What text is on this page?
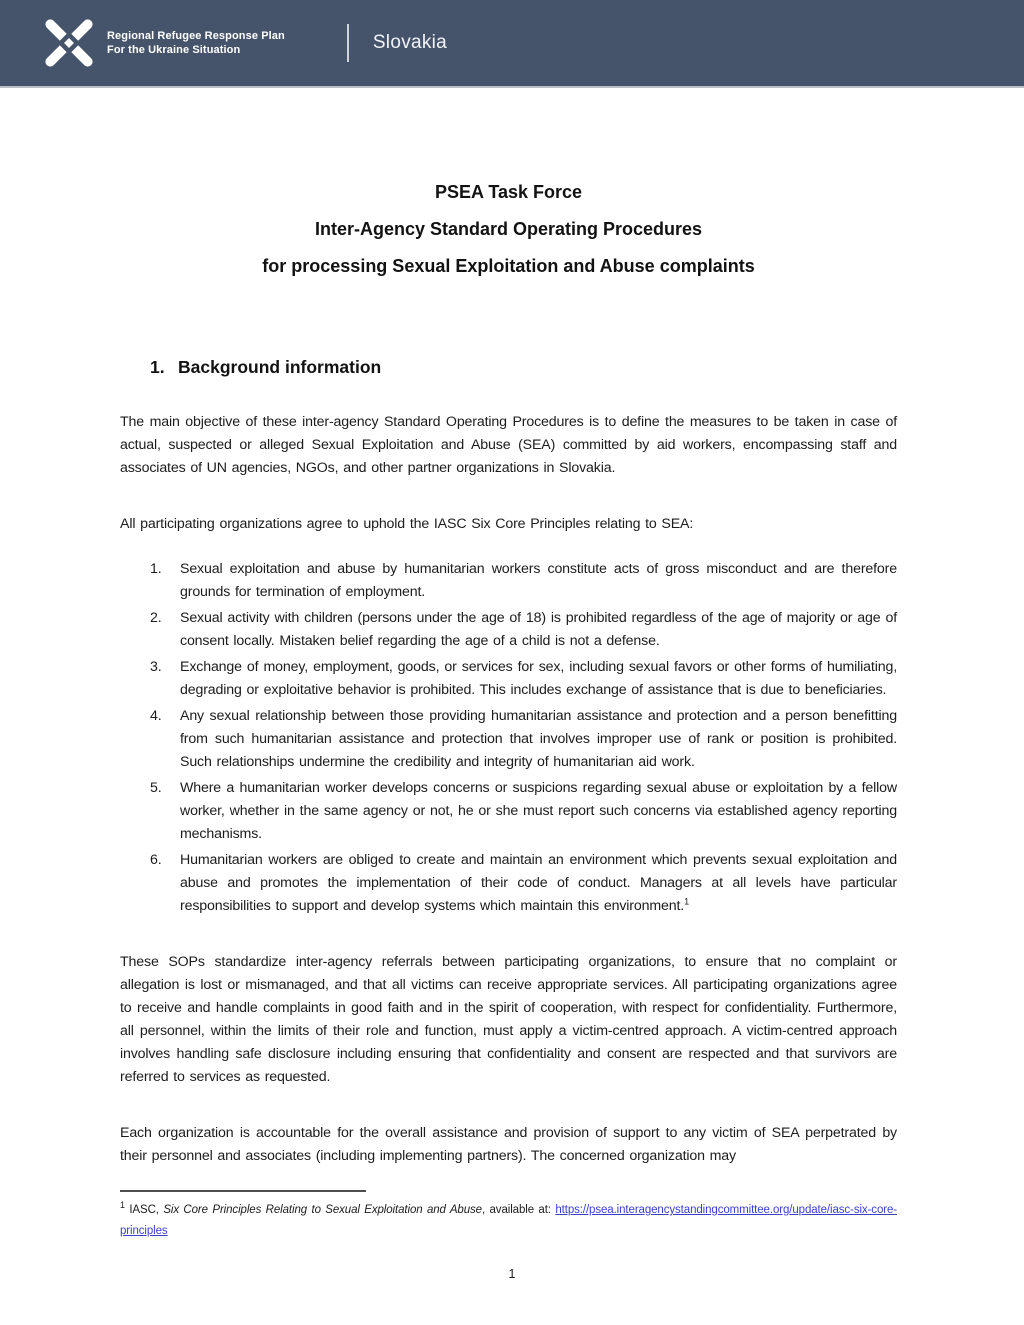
Regional Refugee Response Plan
For the Ukraine Situation	Slovakia
PSEA Task Force
Inter-Agency Standard Operating Procedures
for processing Sexual Exploitation and Abuse complaints
1. Background information

The main objective of these inter-agency Standard Operating Procedures is to define the measures to be taken in case of actual, suspected or alleged Sexual Exploitation and Abuse (SEA) committed by aid workers, encompassing staff and associates of UN agencies, NGOs, and other partner organizations in Slovakia.

All participating organizations agree to uphold the IASC Six Core Principles relating to SEA:

1.	Sexual exploitation and abuse by humanitarian workers constitute acts of gross misconduct and are therefore grounds for termination of employment.
2.	Sexual activity with children (persons under the age of 18) is prohibited regardless of the age of majority or age of consent locally. Mistaken belief regarding the age of a child is not a defense.
3.	Exchange of money, employment, goods, or services for sex, including sexual favors or other forms of humiliating, degrading or exploitative behavior is prohibited. This includes exchange of assistance that is due to beneficiaries.
4.	Any sexual relationship between those providing humanitarian assistance and protection and a person benefitting from such humanitarian assistance and protection that involves improper use of rank or position is prohibited. Such relationships undermine the credibility and integrity of humanitarian aid work.
5.	Where a humanitarian worker develops concerns or suspicions regarding sexual abuse or exploitation by a fellow worker, whether in the same agency or not, he or she must report such concerns via established agency reporting mechanisms.
6.	Humanitarian workers are obliged to create and maintain an environment which prevents sexual exploitation and abuse and promotes the implementation of their code of conduct. Managers at all levels have particular responsibilities to support and develop systems which maintain this environment.$^1$

These SOPs standardize inter-agency referrals between participating organizations, to ensure that no complaint or allegation is lost or mismanaged, and that all victims can receive appropriate services. All participating organizations agree to receive and handle complaints in good faith and in the spirit of cooperation, with respect for confidentiality. Furthermore, all personnel, within the limits of their role and function, must apply a victim-centred approach. A victim-centred approach involves handling safe disclosure including ensuring that confidentiality and consent are respected and that survivors are referred to services as requested.

Each organization is accountable for the overall assistance and provision of support to any victim of SEA perpetrated by their personnel and associates (including implementing partners). The concerned organization may

$^1$ IASC, Six Core Principles Relating to Sexual Exploitation and Abuse, available at: https://psea.interagencystandingcommittee.org/update/iasc-six-core-principles
1
